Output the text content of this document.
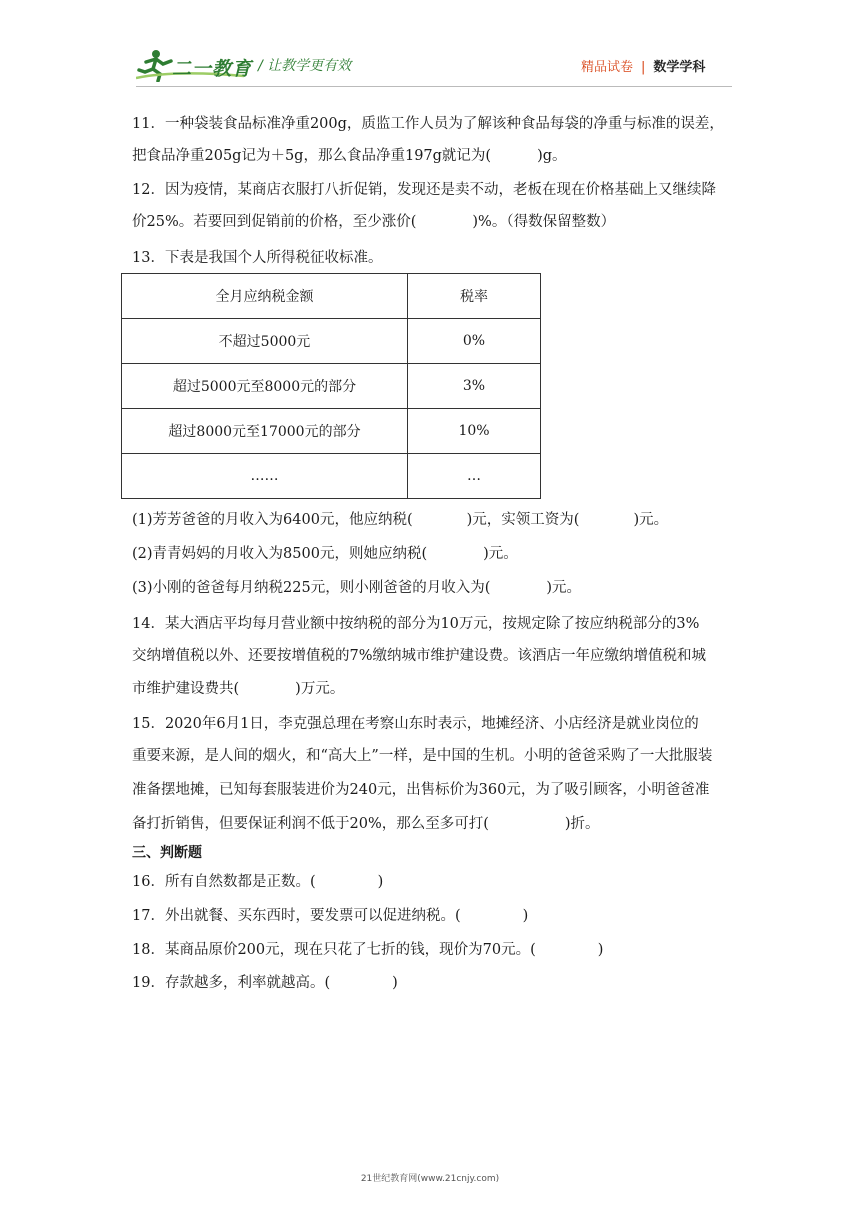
二一教育 / 让教学更有效	精品试卷 | 数学学科
11．一种袋装食品标准净重200g，质监工作人员为了解该种食品每袋的净重与标准的误差，
把食品净重205g记为＋5g，那么食品净重197g就记为(	)g。
12．因为疫情，某商店衣服打八折促销，发现还是卖不动，老板在现在价格基础上又继续降
价25%。若要回到促销前的价格，至少涨价(	)%。（得数保留整数）
13．下表是我国个人所得税征收标准。
全月应纳税金额	税率
不超过5000元	0%
超过5000元至8000元的部分	3%
超过8000元至17000元的部分	10%
……	…
(1)芳芳爸爸的月收入为6400元，他应纳税(	)元，实领工资为(	)元。
(2)青青妈妈的月收入为8500元，则她应纳税(	)元。
(3)小刚的爸爸每月纳税225元，则小刚爸爸的月收入为(	)元。
14．某大酒店平均每月营业额中按纳税的部分为10万元，按规定除了按应纳税部分的3%
交纳增值税以外、还要按增值税的7%缴纳城市维护建设费。该酒店一年应缴纳增值税和城
市维护建设费共(	)万元。
15．2020年6月1日，李克强总理在考察山东时表示，地摊经济、小店经济是就业岗位的
重要来源，是人间的烟火，和“高大上”一样，是中国的生机。小明的爸爸采购了一大批服装
准备摆地摊，已知每套服装进价为240元，出售标价为360元，为了吸引顾客，小明爸爸准
备打折销售，但要保证利润不低于20%，那么至多可打(	)折。
三、判断题
16．所有自然数都是正数。(	)
17．外出就餐、买东西时，要发票可以促进纳税。(	)
18．某商品原价200元，现在只花了七折的钱，现价为70元。(	)
19．存款越多，利率就越高。(	)
21世纪教育网(www.21cnjy.com)
